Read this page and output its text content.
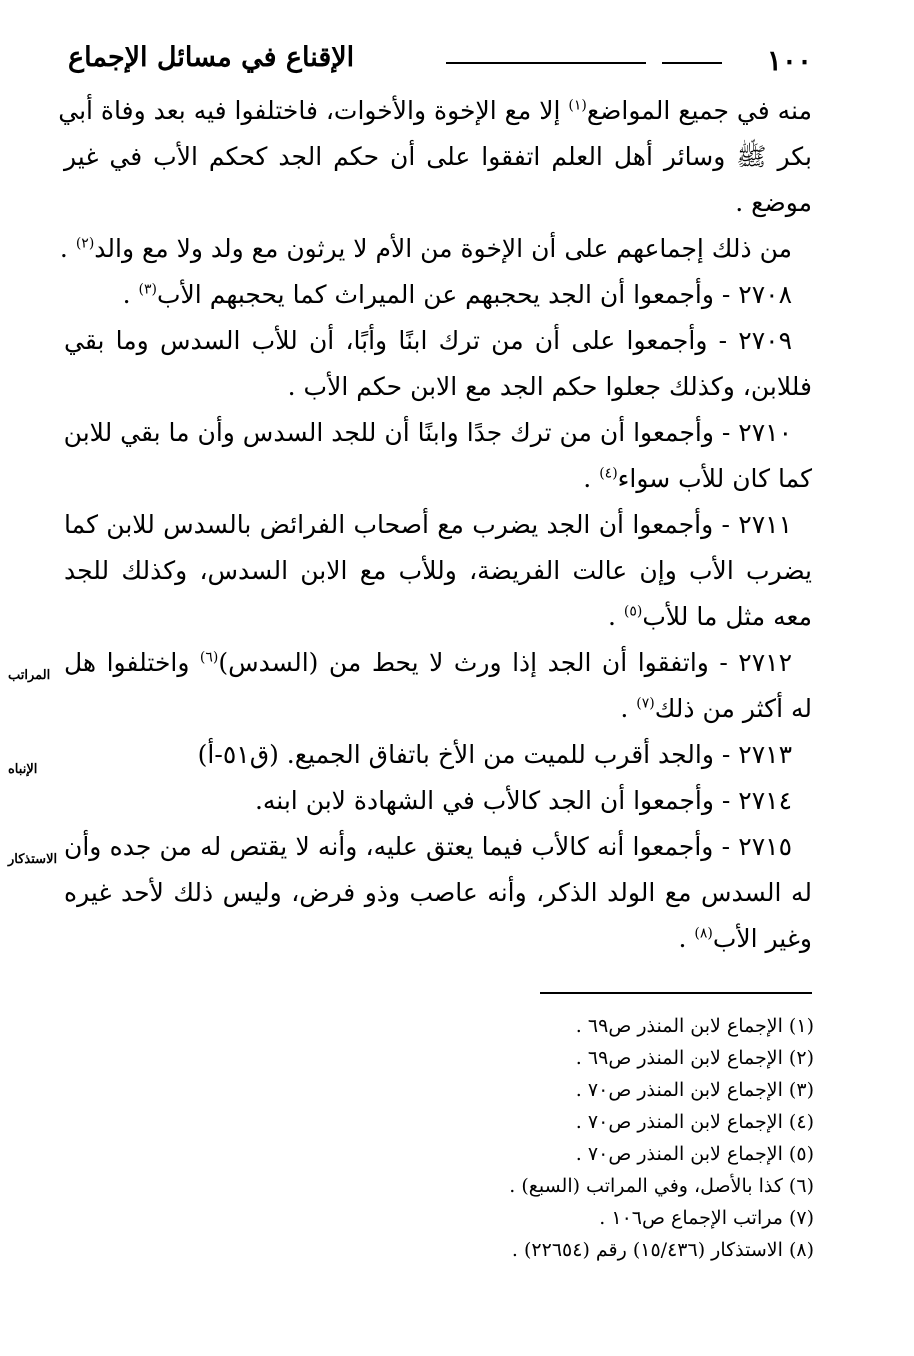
١٠٠
الإقناع في مسائل الإجماع
المراتب
الإنباه
الاستذكار
منه في جميع المواضع$^{(١)}$ إلا مع الإخوة والأخوات، فاختلفوا فيه بعد وفاة أبي
بكر ﷺ وسائر أهل العلم اتفقوا على أن حكم الجد كحكم الأب في غير
موضع .
من ذلك إجماعهم على أن الإخوة من الأم لا يرثون مع ولد ولا مع والد$^{(٢)}$ .
٢٧٠٨ - وأجمعوا أن الجد يحجبهم عن الميراث كما يحجبهم الأب$^{(٣)}$ .
٢٧٠٩ - وأجمعوا على أن من ترك ابنًا وأبًا، أن للأب السدس وما بقي
فللابن، وكذلك جعلوا حكم الجد مع الابن حكم الأب .
٢٧١٠ - وأجمعوا أن من ترك جدًا وابنًا أن للجد السدس وأن ما بقي للابن
كما كان للأب سواء$^{(٤)}$ .
٢٧١١ - وأجمعوا أن الجد يضرب مع أصحاب الفرائض بالسدس للابن كما
يضرب الأب وإن عالت الفريضة، وللأب مع الابن السدس، وكذلك للجد
معه مثل ما للأب$^{(٥)}$ .
٢٧١٢ - واتفقوا أن الجد إذا ورث لا يحط من (السدس)$^{(٦)}$ واختلفوا هل
له أكثر من ذلك$^{(٧)}$ .
٢٧١٣ - والجد أقرب للميت من الأخ باتفاق الجميع. (ق٥١-أ)
٢٧١٤ - وأجمعوا أن الجد كالأب في الشهادة لابن ابنه.
٢٧١٥ - وأجمعوا أنه كالأب فيما يعتق عليه، وأنه لا يقتص له من جده وأن
له السدس مع الولد الذكر، وأنه عاصب وذو فرض، وليس ذلك لأحد غيره
وغير الأب$^{(٨)}$ .
(١) الإجماع لابن المنذر ص٦٩ .
(٢) الإجماع لابن المنذر ص٦٩ .
(٣) الإجماع لابن المنذر ص٧٠ .
(٤) الإجماع لابن المنذر ص٧٠ .
(٥) الإجماع لابن المنذر ص٧٠ .
(٦) كذا بالأصل، وفي المراتب (السبع) .
(٧) مراتب الإجماع ص١٠٦ .
(٨) الاستذكار (١٥/٤٣٦) رقم (٢٢٦٥٤) .
